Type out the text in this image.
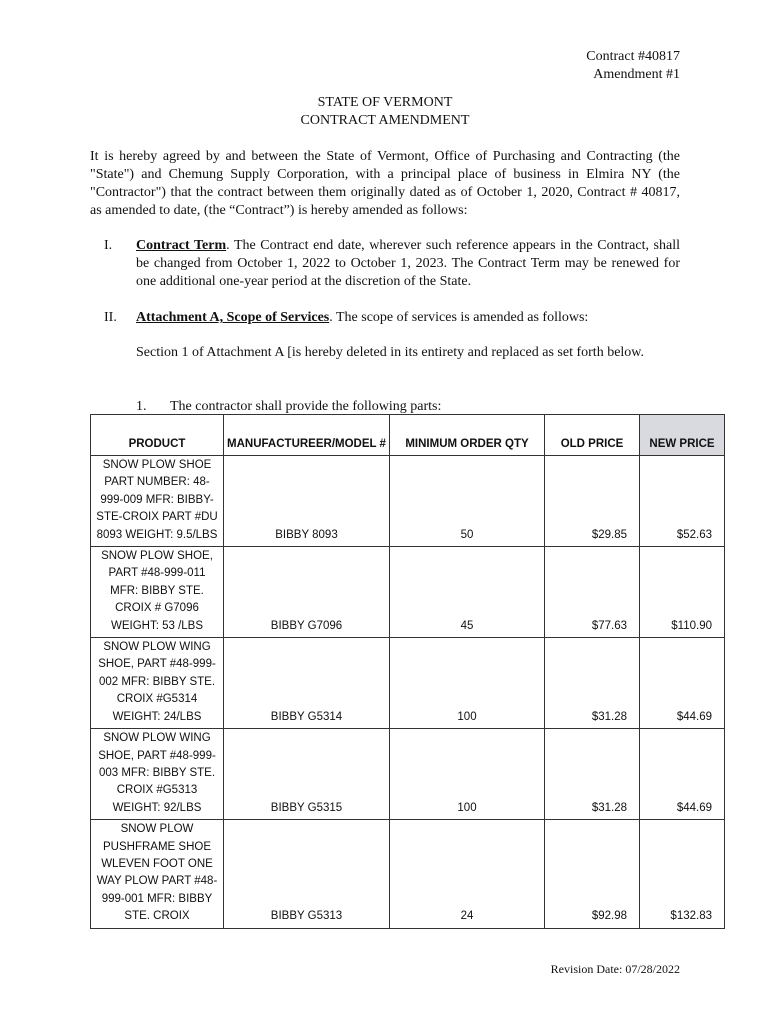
Contract #40817
Amendment #1
STATE OF VERMONT
CONTRACT AMENDMENT
It is hereby agreed by and between the State of Vermont, Office of Purchasing and Contracting (the "State") and Chemung Supply Corporation, with a principal place of business in Elmira NY (the "Contractor") that the contract between them originally dated as of October 1, 2020, Contract # 40817, as amended to date, (the “Contract”) is hereby amended as follows:
I. Contract Term. The Contract end date, wherever such reference appears in the Contract, shall be changed from October 1, 2022 to October 1, 2023. The Contract Term may be renewed for one additional one-year period at the discretion of the State.
II. Attachment A, Scope of Services. The scope of services is amended as follows:
Section 1 of Attachment A [is hereby deleted in its entirety and replaced as set forth below.
1. The contractor shall provide the following parts:
PRODUCT	MANUFACTUREER/MODEL #	MINIMUM ORDER QTY	OLD PRICE	NEW PRICE
SNOW PLOW SHOE PART NUMBER: 48-999-009 MFR: BIBBY-STE-CROIX PART #DU 8093 WEIGHT: 9.5/LBS	BIBBY 8093	50	$29.85	$52.63
SNOW PLOW SHOE, PART #48-999-011 MFR: BIBBY STE. CROIX # G7096 WEIGHT: 53 /LBS	BIBBY G7096	45	$77.63	$110.90
SNOW PLOW WING SHOE, PART #48-999-002 MFR: BIBBY STE. CROIX #G5314 WEIGHT: 24/LBS	BIBBY G5314	100	$31.28	$44.69
SNOW PLOW WING SHOE, PART #48-999-003 MFR: BIBBY STE. CROIX #G5313 WEIGHT: 92/LBS	BIBBY G5315	100	$31.28	$44.69
SNOW PLOW PUSHFRAME SHOE WLEVEN FOOT ONE WAY PLOW PART #48-999-001 MFR: BIBBY STE. CROIX	BIBBY G5313	24	$92.98	$132.83
Revision Date: 07/28/2022
